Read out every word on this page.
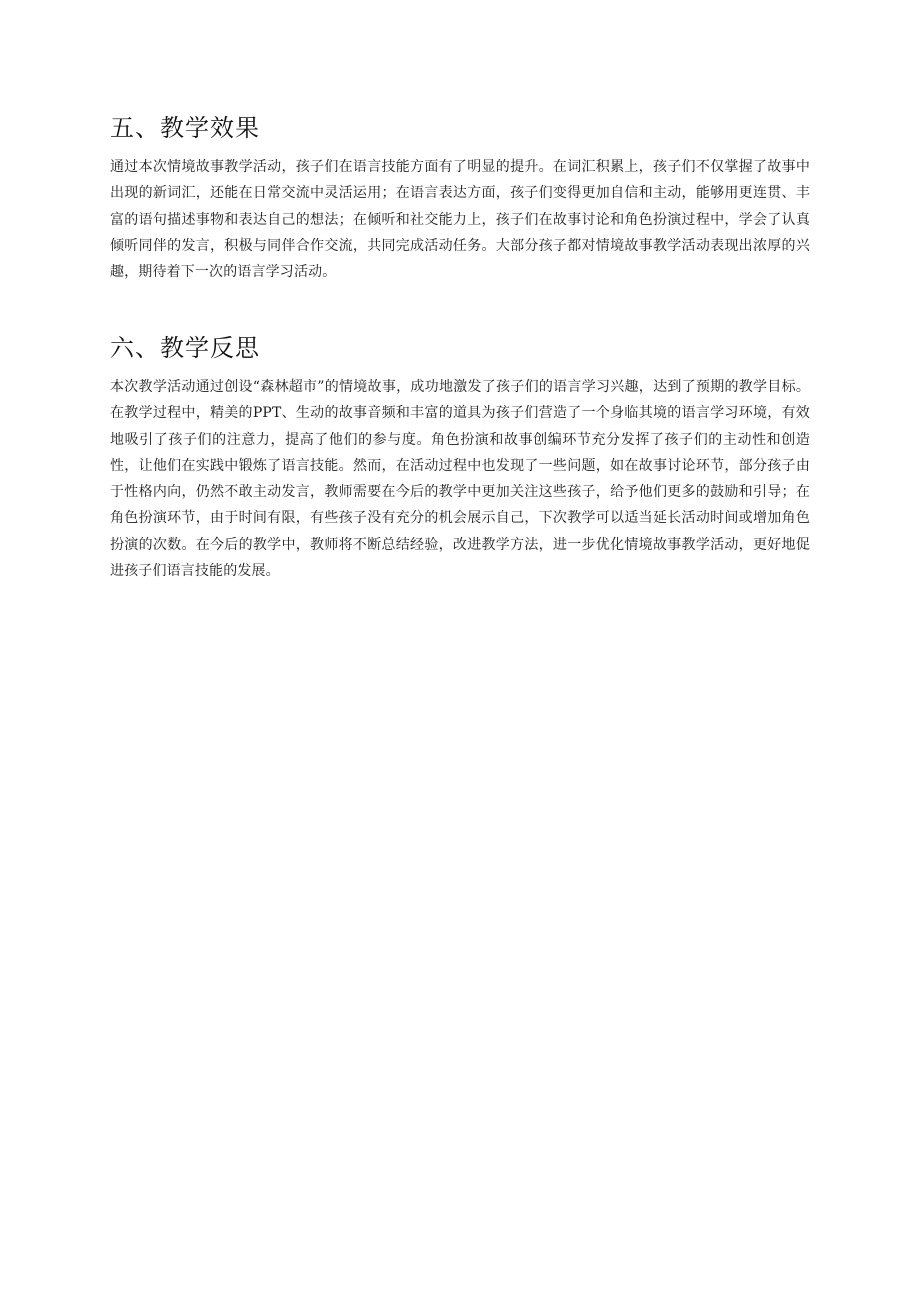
五、教学效果

通过本次情境故事教学活动，孩子们在语言技能方面有了明显的提升。在词汇积累上，孩子们不仅掌握了故事中出现的新词汇，还能在日常交流中灵活运用；在语言表达方面，孩子们变得更加自信和主动，能够用更连贯、丰富的语句描述事物和表达自己的想法；在倾听和社交能力上，孩子们在故事讨论和角色扮演过程中，学会了认真倾听同伴的发言，积极与同伴合作交流，共同完成活动任务。大部分孩子都对情境故事教学活动表现出浓厚的兴趣，期待着下一次的语言学习活动。

六、教学反思

本次教学活动通过创设“森林超市”的情境故事，成功地激发了孩子们的语言学习兴趣，达到了预期的教学目标。在教学过程中，精美的PPT、生动的故事音频和丰富的道具为孩子们营造了一个身临其境的语言学习环境，有效地吸引了孩子们的注意力，提高了他们的参与度。角色扮演和故事创编环节充分发挥了孩子们的主动性和创造性，让他们在实践中锻炼了语言技能。然而，在活动过程中也发现了一些问题，如在故事讨论环节，部分孩子由于性格内向，仍然不敢主动发言，教师需要在今后的教学中更加关注这些孩子，给予他们更多的鼓励和引导；在角色扮演环节，由于时间有限，有些孩子没有充分的机会展示自己，下次教学可以适当延长活动时间或增加角色扮演的次数。在今后的教学中，教师将不断总结经验，改进教学方法，进一步优化情境故事教学活动，更好地促进孩子们语言技能的发展。
